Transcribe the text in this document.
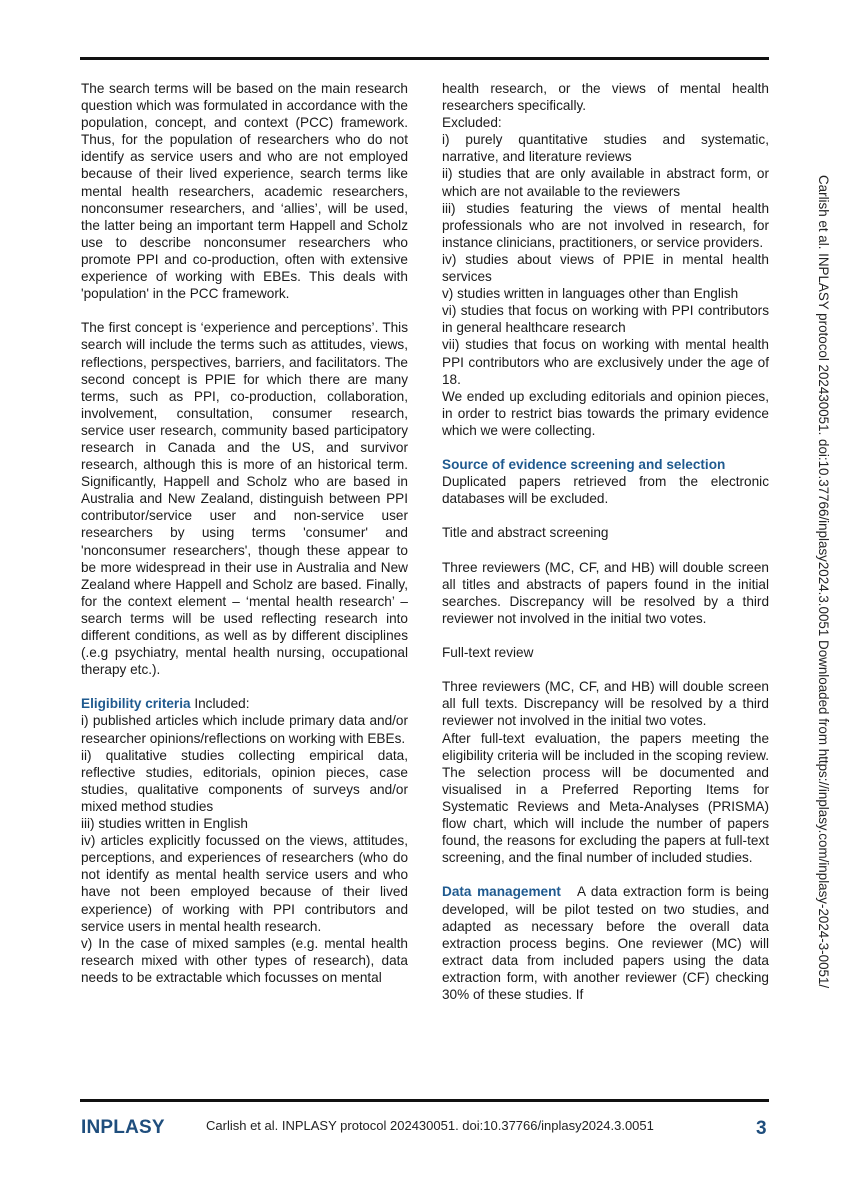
The search terms will be based on the main research question which was formulated in accordance with the population, concept, and context (PCC) framework. Thus, for the population of researchers who do not identify as service users and who are not employed because of their lived experience, search terms like mental health researchers, academic researchers, nonconsumer researchers, and ‘allies’, will be used, the latter being an important term Happell and Scholz use to describe nonconsumer researchers who promote PPI and co-production, often with extensive experience of working with EBEs. This deals with 'population' in the PCC framework.

The first concept is ‘experience and perceptions’. This search will include the terms such as attitudes, views, reflections, perspectives, barriers, and facilitators. The second concept is PPIE for which there are many terms, such as PPI, co-production, collaboration, involvement, consultation, consumer research, service user research, community based participatory research in Canada and the US, and survivor research, although this is more of an historical term. Significantly, Happell and Scholz who are based in Australia and New Zealand, distinguish between PPI contributor/service user and non-service user researchers by using terms 'consumer' and 'nonconsumer researchers', though these appear to be more widespread in their use in Australia and New Zealand where Happell and Scholz are based. Finally, for the context element – ‘mental health research’ – search terms will be used reflecting research into different conditions, as well as by different disciplines (.e.g psychiatry, mental health nursing, occupational therapy etc.).

Eligibility criteria Included:

i) published articles which include primary data and/or researcher opinions/reflections on working with EBEs.

ii) qualitative studies collecting empirical data, reflective studies, editorials, opinion pieces, case studies, qualitative components of surveys and/or mixed method studies

iii) studies written in English

iv) articles explicitly focussed on the views, attitudes, perceptions, and experiences of researchers (who do not identify as mental health service users and who have not been employed because of their lived experience) of working with PPI contributors and service users in mental health research.

v) In the case of mixed samples (e.g. mental health research mixed with other types of research), data needs to be extractable which focusses on mental

health research, or the views of mental health researchers specifically.

Excluded:

i) purely quantitative studies and systematic, narrative, and literature reviews

ii) studies that are only available in abstract form, or which are not available to the reviewers

iii) studies featuring the views of mental health professionals who are not involved in research, for instance clinicians, practitioners, or service providers.

iv) studies about views of PPIE in mental health services

v) studies written in languages other than English

vi) studies that focus on working with PPI contributors in general healthcare research

vii) studies that focus on working with mental health PPI contributors who are exclusively under the age of 18.

We ended up excluding editorials and opinion pieces, in order to restrict bias towards the primary evidence which we were collecting.

Source of evidence screening and selection

Duplicated papers retrieved from the electronic databases will be excluded.

Title and abstract screening

Three reviewers (MC, CF, and HB) will double screen all titles and abstracts of papers found in the initial searches. Discrepancy will be resolved by a third reviewer not involved in the initial two votes.

Full-text review

Three reviewers (MC, CF, and HB) will double screen all full texts. Discrepancy will be resolved by a third reviewer not involved in the initial two votes.

After full-text evaluation, the papers meeting the eligibility criteria will be included in the scoping review. The selection process will be documented and visualised in a Preferred Reporting Items for Systematic Reviews and Meta-Analyses (PRISMA) flow chart, which will include the number of papers found, the reasons for excluding the papers at full-text screening, and the final number of included studies.

Data management   A data extraction form is being developed, will be pilot tested on two studies, and adapted as necessary before the overall data extraction process begins. One reviewer (MC) will extract data from included papers using the data extraction form, with another reviewer (CF) checking 30% of these studies. If

Carlish et al. INPLASY protocol 202430051. doi:10.37766/inplasy2024.3.0051 Downloaded from https://inplasy.com/inplasy-2024-3-0051/
INPLASY	Carlish et al. INPLASY protocol 202430051. doi:10.37766/inplasy2024.3.0051	3
